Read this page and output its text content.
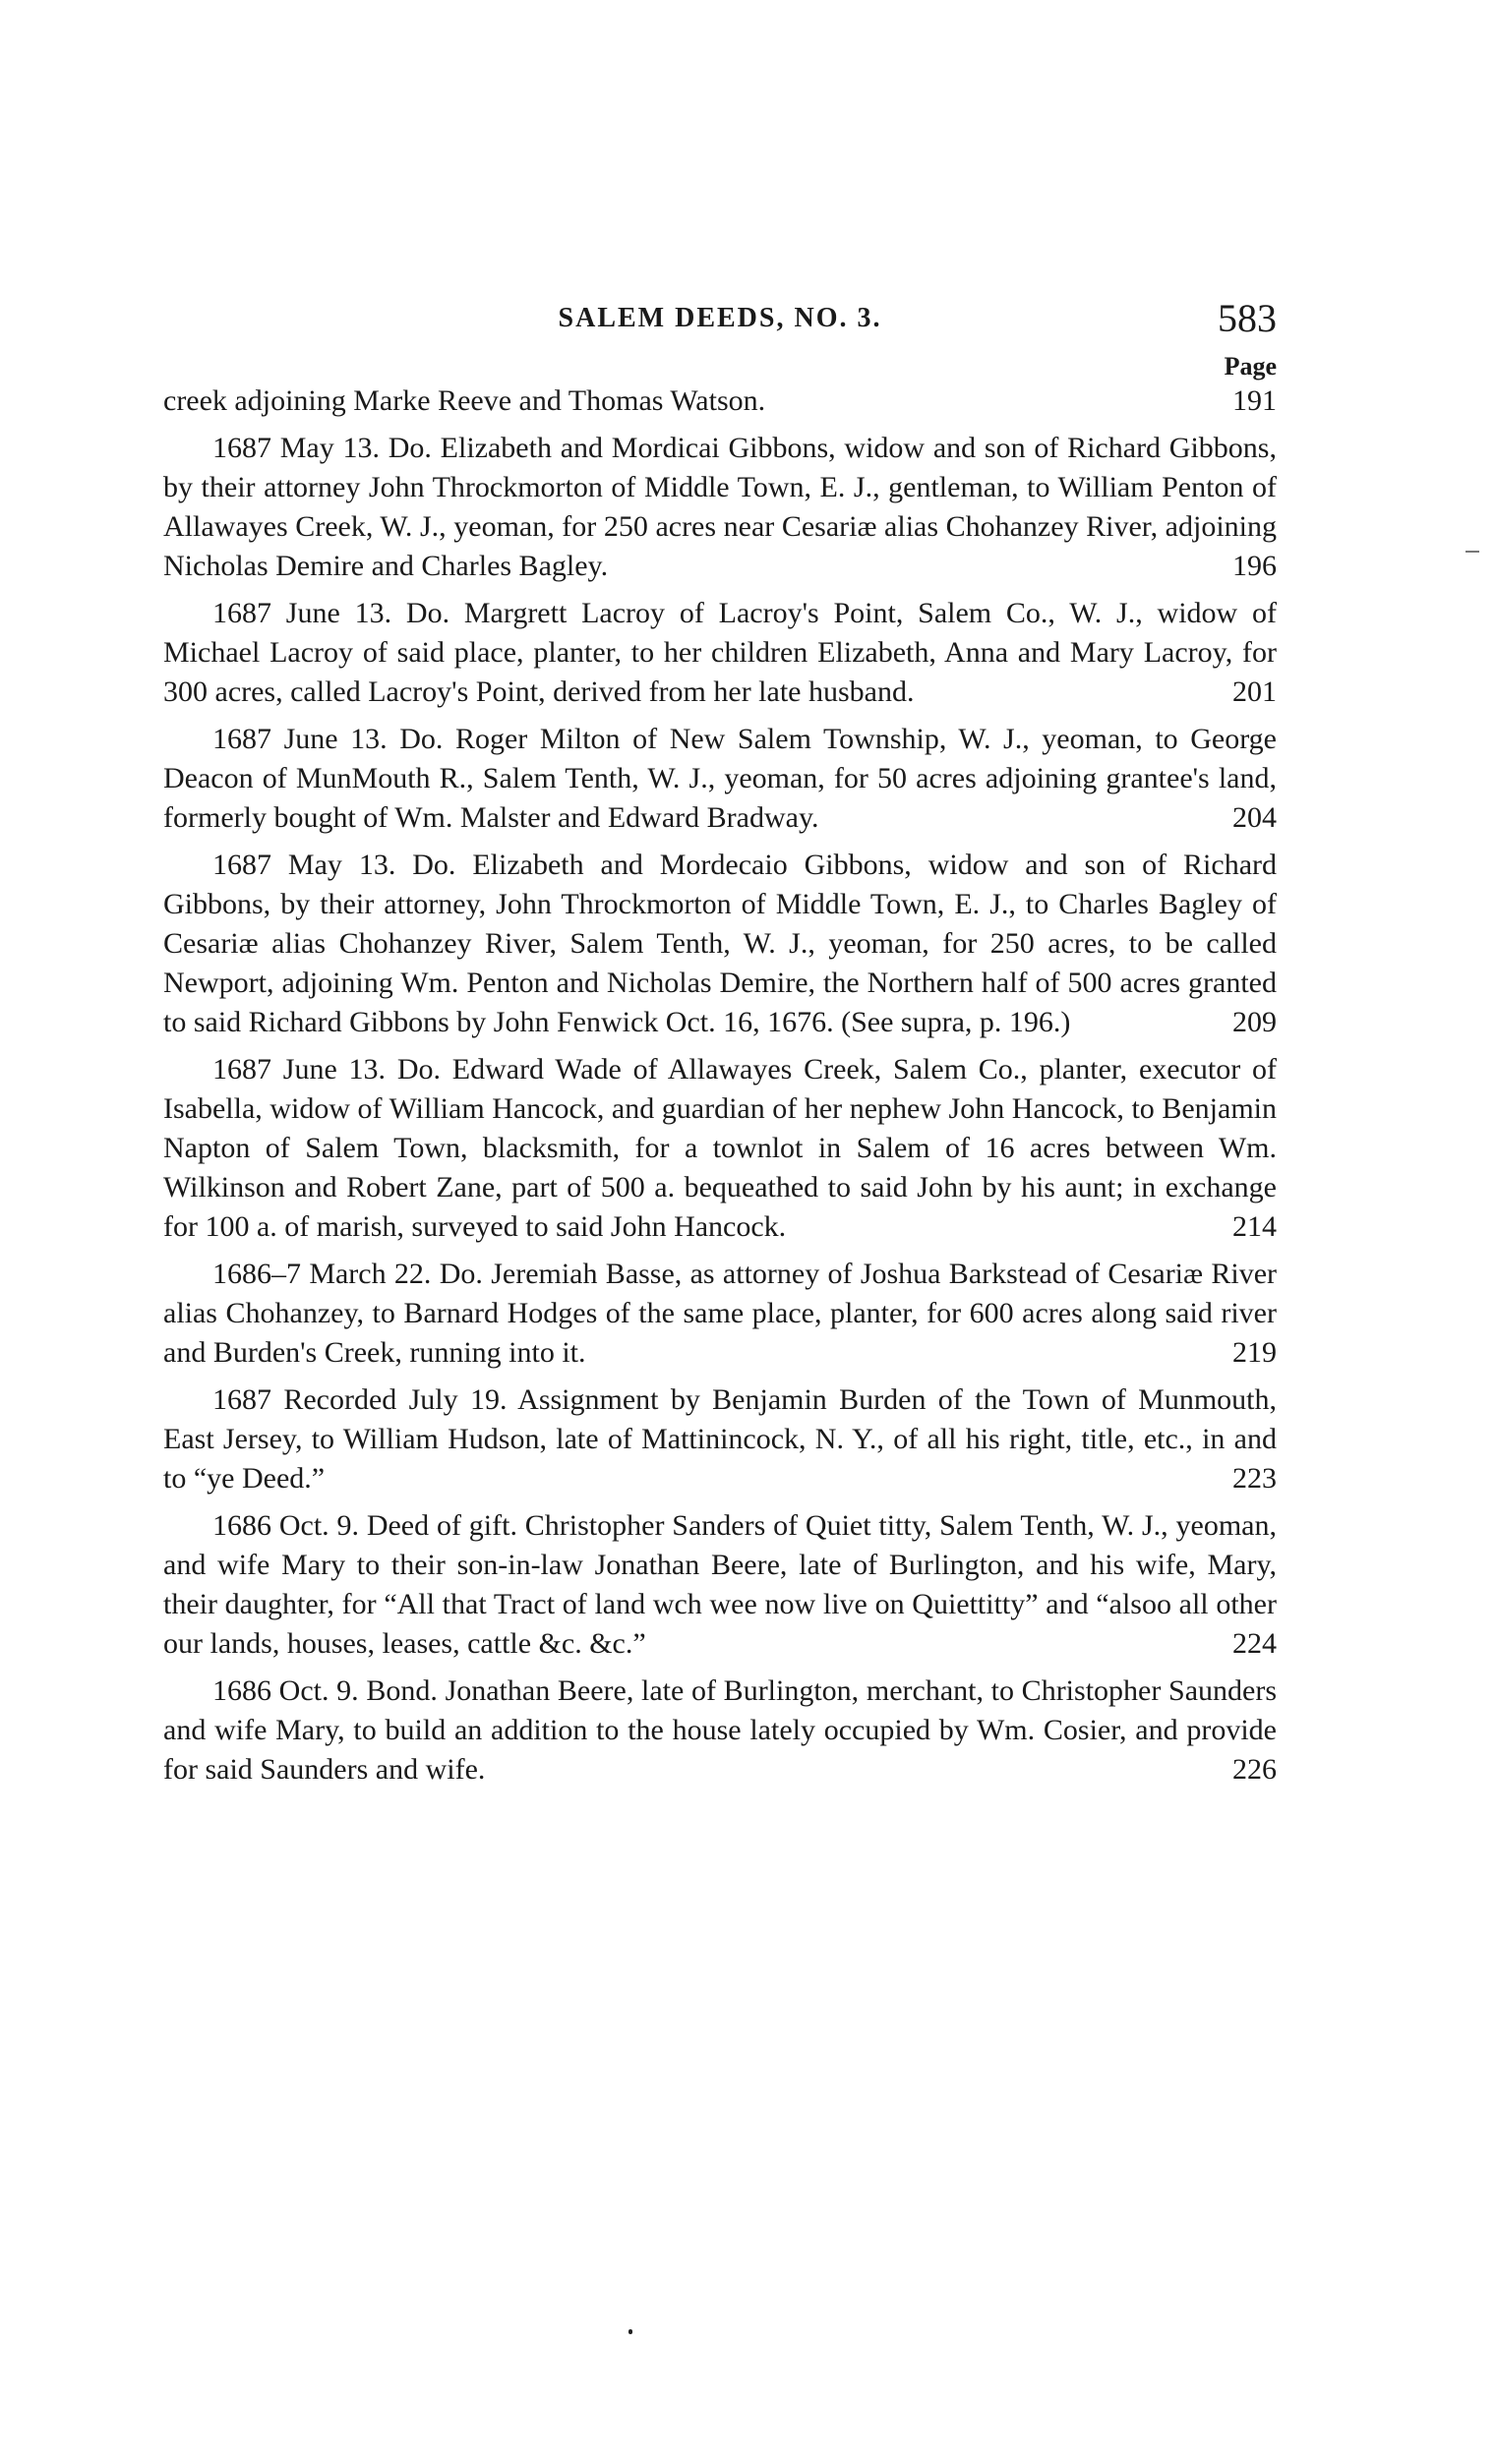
SALEM DEEDS, NO. 3.	583
Page
creek adjoining Marke Reeve and Thomas Watson.	191
1687 May 13. Do. Elizabeth and Mordicai Gibbons, widow and son of Richard Gibbons, by their attorney John Throckmorton of Middle Town, E. J., gentleman, to William Penton of Allawayes Creek, W. J., yeoman, for 250 acres near Cesariæ alias Chohanzey River, adjoining Nicholas Demire and Charles Bagley.	196
1687 June 13. Do. Margrett Lacroy of Lacroy's Point, Salem Co., W. J., widow of Michael Lacroy of said place, planter, to her children Elizabeth, Anna and Mary Lacroy, for 300 acres, called Lacroy's Point, derived from her late husband.	201
1687 June 13. Do. Roger Milton of New Salem Township, W. J., yeoman, to George Deacon of MunMouth R., Salem Tenth, W. J., yeoman, for 50 acres adjoining grantee's land, formerly bought of Wm. Malster and Edward Bradway.	204
1687 May 13. Do. Elizabeth and Mordecaio Gibbons, widow and son of Richard Gibbons, by their attorney, John Throckmorton of Middle Town, E. J., to Charles Bagley of Cesariæ alias Chohanzey River, Salem Tenth, W. J., yeoman, for 250 acres, to be called Newport, adjoining Wm. Penton and Nicholas Demire, the Northern half of 500 acres granted to said Richard Gibbons by John Fenwick Oct. 16, 1676. (See supra, p. 196.)	209
1687 June 13. Do. Edward Wade of Allawayes Creek, Salem Co., planter, executor of Isabella, widow of William Hancock, and guardian of her nephew John Hancock, to Benjamin Napton of Salem Town, blacksmith, for a townlot in Salem of 16 acres between Wm. Wilkinson and Robert Zane, part of 500 a. bequeathed to said John by his aunt; in exchange for 100 a. of marish, surveyed to said John Hancock.	214
1686–7 March 22. Do. Jeremiah Basse, as attorney of Joshua Barkstead of Cesariæ River alias Chohanzey, to Barnard Hodges of the same place, planter, for 600 acres along said river and Burden's Creek, running into it.	219
1687 Recorded July 19. Assignment by Benjamin Burden of the Town of Munmouth, East Jersey, to William Hudson, late of Mattinincock, N. Y., of all his right, title, etc., in and to “ye Deed.”	223
1686 Oct. 9. Deed of gift. Christopher Sanders of Quiet titty, Salem Tenth, W. J., yeoman, and wife Mary to their son-in-law Jonathan Beere, late of Burlington, and his wife, Mary, their daughter, for “All that Tract of land wch wee now live on Quiettitty” and “alsoo all other our lands, houses, leases, cattle &c. &c.”	224
1686 Oct. 9. Bond. Jonathan Beere, late of Burlington, merchant, to Christopher Saunders and wife Mary, to build an addition to the house lately occupied by Wm. Cosier, and provide for said Saunders and wife.	226
